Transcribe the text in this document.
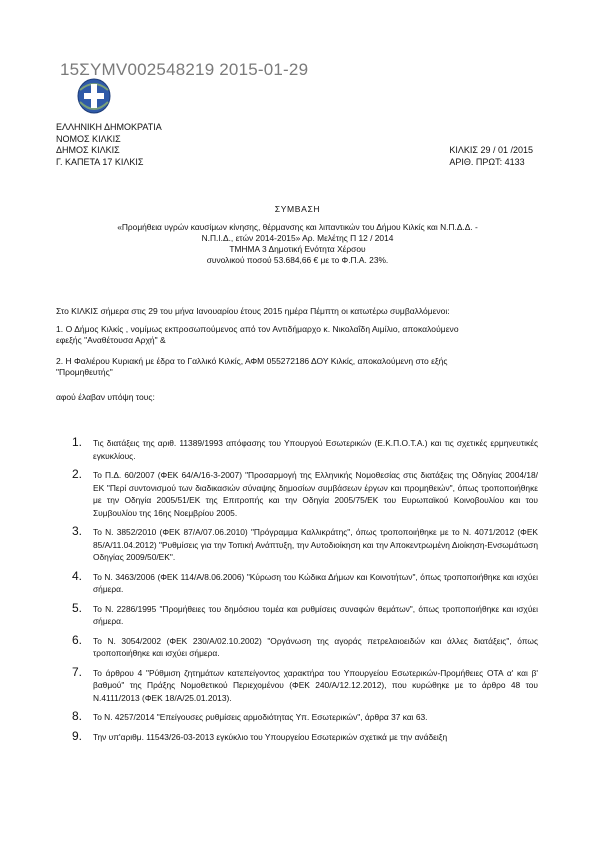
15ΣΥΜV002548219 2015-01-29
ΕΛΛΗΝΙΚΗ ΔΗΜΟΚΡΑΤΙΑ
ΝΟΜΟΣ ΚΙΛΚΙΣ
ΔΗΜΟΣ ΚΙΛΚΙΣ
Γ. ΚΑΠΕΤΑ 17 ΚΙΛΚΙΣ
ΚΙΛΚΙΣ 29 / 01 /2015
ΑΡΙΘ. ΠΡΩΤ: 4133
ΣΥΜΒΑΣΗ
«Προμήθεια υγρών καυσίμων κίνησης, θέρμανσης και λιπαντικών του Δήμου Κιλκίς και Ν.Π.Δ.Δ. -
Ν.Π.Ι.Δ., ετών 2014-2015» Αρ. Μελέτης Π 12 / 2014
ΤΜΗΜΑ 3 Δημοτική Ενότητα Χέρσου
συνολικού ποσού 53.684,66 € με το Φ.Π.Α. 23%.
Στο ΚΙΛΚΙΣ σήμερα στις 29 του μήνα Ιανουαρίου έτους 2015 ημέρα Πέμπτη οι κατωτέρω συμβαλλόμενοι:
1. Ο Δήμος Κιλκίς , νομίμως εκπροσωπούμενος από τον Αντιδήμαρχο κ. Νικολαΐδη Αιμίλιο, αποκαλούμενο
εφεξής "Αναθέτουσα Αρχή" &
2. Η Φαλιέρου Κυριακή με έδρα το Γαλλικό Κιλκίς, ΑΦΜ 055272186 ΔΟΥ Κιλκίς, αποκαλούμενη στο εξής
"Προμηθευτής"
αφού έλαβαν υπόψη τους:
1.	Τις διατάξεις της αριθ. 11389/1993 απόφασης του Υπουργού Εσωτερικών (Ε.Κ.Π.Ο.Τ.Α.) και τις σχετικές ερμηνευτικές εγκυκλίους.
2.	Το Π.Δ. 60/2007 (ΦΕΚ 64/Α/16-3-2007) "Προσαρμογή της Ελληνικής Νομοθεσίας στις διατάξεις της Οδηγίας 2004/18/ΕΚ "Περί συντονισμού των διαδικασιών σύναψης δημοσίων συμβάσεων έργων και προμηθειών", όπως τροποποιήθηκε με την Οδηγία 2005/51/ΕΚ της Επιτροπής και την Οδηγία 2005/75/ΕΚ του Ευρωπαϊκού Κοινοβουλίου και του Συμβουλίου της 16ης Νοεμβρίου 2005.
3.	Το Ν. 3852/2010 (ΦΕΚ 87/Α/07.06.2010) "Πρόγραμμα Καλλικράτης", όπως τροποποιήθηκε με το Ν. 4071/2012 (ΦΕΚ 85/Α/11.04.2012) "Ρυθμίσεις για την Τοπική Ανάπτυξη, την Αυτοδιοίκηση και την Αποκεντρωμένη Διοίκηση-Ενσωμάτωση Οδηγίας 2009/50/ΕΚ".
4.	Το Ν. 3463/2006 (ΦΕΚ 114/Α/8.06.2006) "Κύρωση του Κώδικα Δήμων και Κοινοτήτων", όπως τροποποιήθηκε και ισχύει σήμερα.
5.	Το Ν. 2286/1995 "Προμήθειες του δημόσιου τομέα και ρυθμίσεις συναφών θεμάτων", όπως τροποποιήθηκε και ισχύει σήμερα.
6.	Το Ν. 3054/2002 (ΦΕΚ 230/Α/02.10.2002) "Οργάνωση της αγοράς πετρελαιοειδών και άλλες διατάξεις", όπως τροποποιήθηκε και ισχύει σήμερα.
7.	Το άρθρου 4 "Ρύθμιση ζητημάτων κατεπείγοντος χαρακτήρα του Υπουργείου Εσωτερικών-Προμήθειες ΟΤΑ α' και β' βαθμού" της Πράξης Νομοθετικού Περιεχομένου (ΦΕΚ 240/Α/12.12.2012), που κυρώθηκε με το άρθρο 48 του Ν.4111/2013 (ΦΕΚ 18/Α/25.01.2013).
8.	Το Ν. 4257/2014 "Επείγουσες ρυθμίσεις αρμοδιότητας Υπ. Εσωτερικών", άρθρα 37 και 63.
9.	Την υπ'αριθμ. 11543/26-03-2013 εγκύκλιο του Υπουργείου Εσωτερικών σχετικά με την ανάδειξη
